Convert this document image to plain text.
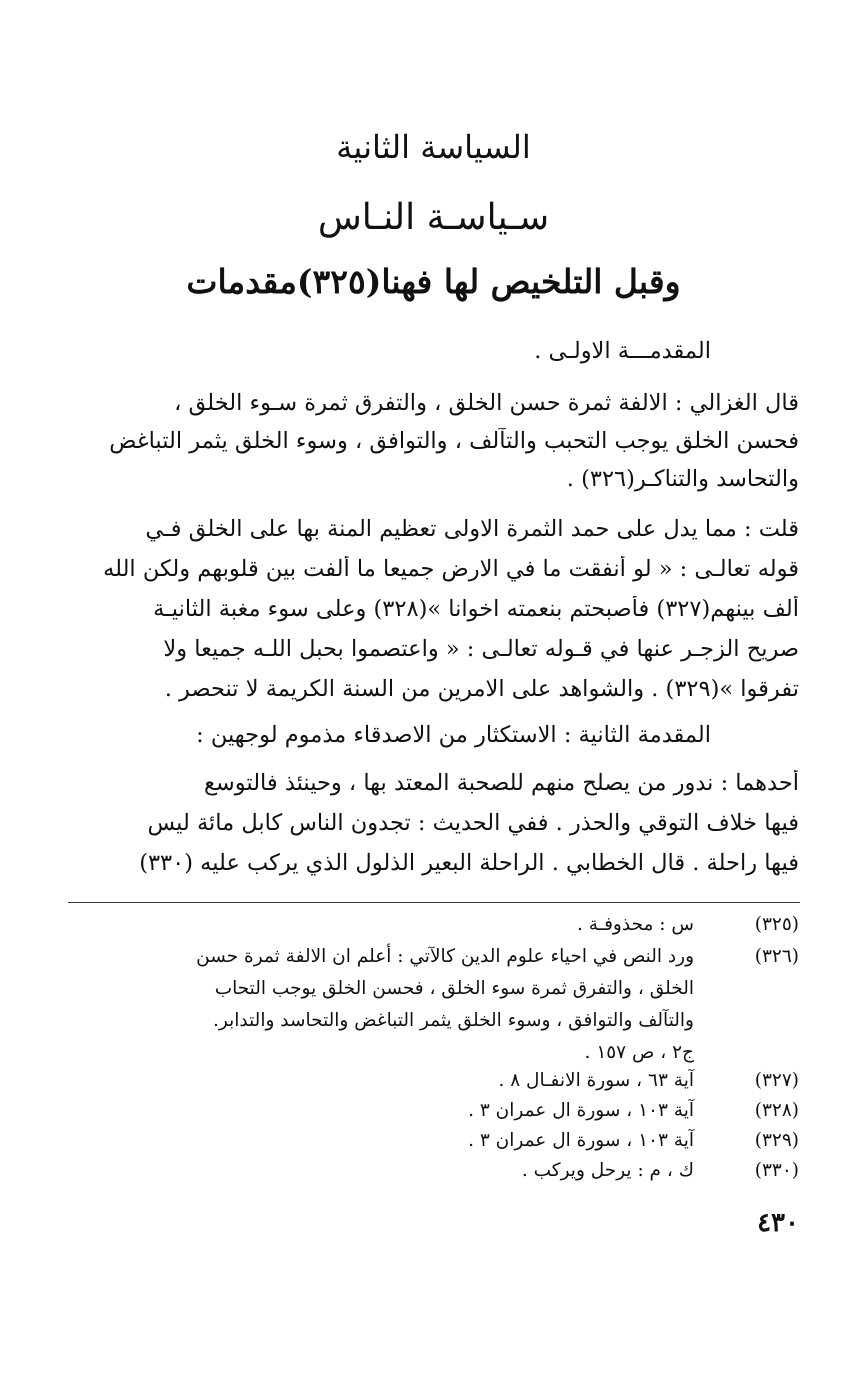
السياسة الثانية
سـياسـة النـاس
وقبل التلخيص لها فهنا(٣٢٥)مقدمات
المقدمـــة الاولـى .
قال الغزالي : الالفة ثمرة حسن الخلق ، والتفرق ثمرة سـوء الخلق ،
فحسن الخلق يوجب التحبب والتآلف ، والتوافق ، وسوء الخلق يثمر التباغض
والتحاسد والتناكـر(٣٢٦) .
قلت : مما يدل على حمد الثمرة الاولى تعظيم المنة بها على الخلق فـي
قوله تعالـى : « لو أنفقت ما في الارض جميعا ما ألفت بين قلوبهم ولكن الله
ألف بينهم(٣٢٧) فأصبحتم بنعمته اخوانا »(٣٢٨) وعلى سوء مغبة الثانيـة
صريح الزجـر عنها في قـوله تعالـى : « واعتصموا بحبل اللـه جميعا ولا
تفرقوا »(٣٢٩) . والشواهد على الامرين من السنة الكريمة لا تنحصر .
المقدمة الثانية : الاستكثار من الاصدقاء مذموم لوجهين :
أحدهما : ندور من يصلح منهم للصحبة المعتد بها ، وحينئذ فالتوسع
فيها خلاف التوقي والحذر . ففي الحديث : تجدون الناس كابل مائة ليس
فيها راحلة . قال الخطابي . الراحلة البعير الذلول الذي يركب عليه (٣٣٠)
(٣٢٥)
س : محذوفـة .
(٣٢٦)
ورد النص في احياء علوم الدين كالآتي : أعلم ان الالفة ثمرة حسن
الخلق ، والتفرق ثمرة سوء الخلق ، فحسن الخلق يوجب التحاب
والتآلف والتوافق ، وسوء الخلق يثمر التباغض والتحاسد والتدابر.
ج٢ ، ص ١٥٧ .
(٣٢٧)
آية ٦٣ ، سورة الانفـال ٨ .
(٣٢٨)
آية ١٠٣ ، سورة ال عمران ٣ .
(٣٢٩)
آية ١٠٣ ، سورة ال عمران ٣ .
(٣٣٠)
ك ، م : يرحل ويركب .
٤٣٠
